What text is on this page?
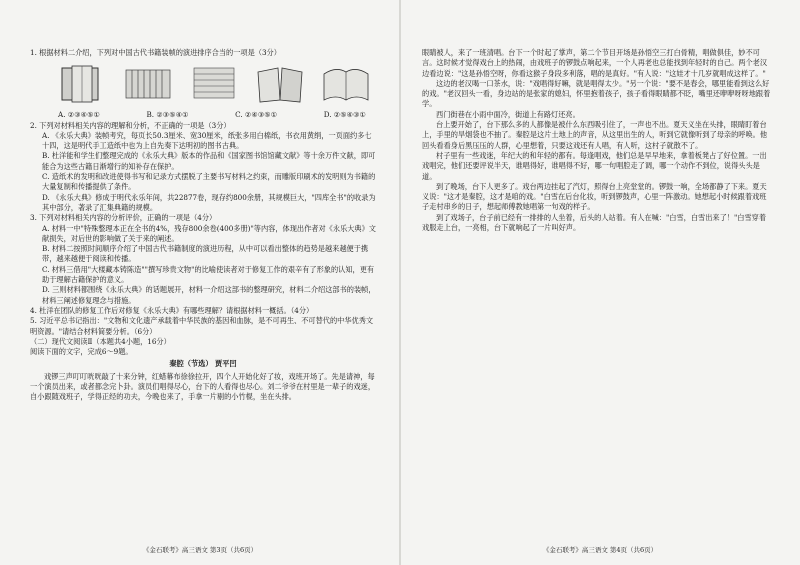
1. 根据材料二介绍，下列对中国古代书籍装帧的演进排序合当的一项是（3分）

A. ②③④⑤①	B. ②③⑤④①	C. ②④③⑤①	D. ②⑤④③①

2. 下列对材料相关内容的理解和分析，不正确的一项是（3分）

A. 《永乐大典》装帧考究，每页长50.3厘米、宽30厘米，纸张多用白棉纸，书衣用黄绢，一页面约多七十四，这是明代手工造纸中也为上自先奏下达明初的图书古典。

B. 杜洋能和学生们整理完成的《永乐大典》版本的作品和《国家图书馆馆藏文献》等十余万件文献，即可能合为这些古籍日渐增行的知补存在保护。

C. 造纸术的发明和改进使得书写和记录方式摆脱了主要书写材料之约束，而雕版印刷术的发明则为书籍的大量复制和传播提供了条件。

D. 《永乐大典》修成于明代永乐年间，共22877卷，现存约800余册，其规模巨大，"四库全书"的收录为其中部分，著录了汇集典籍的规模。

3. 下列对材料相关内容的分析评价，正确的一项是（4分）

A. 材料一中"特殊整理本正在全书的4%，残存800余卷(400多册)"等内容，体现出作者对《永乐大典》文献损失，对后世的影响做了关于来的阐述。

B. 材料二按照时间顺序介绍了中国古代书籍制度的演进历程，从中可以看出整体的趋势是越来越便于携带，越来越便于阅读和传播。

C. 材料三借用"大楼藏本铸陈造""撰写珍贵文物"的比喻使读者对于修复工作的艰辛有了形象的认知，更有助于理解古籍保护的意义。

D. 三则材料都围绕《永乐大典》的话题展开，材料一介绍这部书的整理研究，材料二介绍这部书的装帧，材料三阐述修复理念与措施。

4. 杜洋在团队的修复工作后对修复《永乐大典》有哪些理解？请根据材料一概括。（4分）

5. 习近平总书记指出："文物和文化遗产承载着中华民族的基因和血脉，是不可再生、不可替代的中华优秀文明资源。"请结合材料简要分析。（6分）

（二）现代文阅读Ⅱ（本题共4小题，16分）

阅读下面的文字，完成6～9题。

秦腔（节选） 贾平凹

戏锣三声叮叮咣咣敲了十来分钟，红蜡幕布徐徐拉开，四个人开始化好了妆，戏班开场了。先是请神，每一个演员出来，或者都念完卜卦。演员们唱得尽心，台下的人看得也尽心。刘二爷爷在村里是一辈子的戏迷，自小跟随戏班子，学得正经的功夫，今晚也来了，手拿一片剔的小竹棍，坐在头排。

《金石联考》高三语文 第3页（共6页）

眼睛被人，来了一班清唱。台下一个时起了掌声，第二个节目开场是孙悟空三打白骨精，唱做俱佳，妙不可言。这时候才觉得戏台上的热闹，由戏班子的锣鼓点响起来，一个人再老也总能找到年轻时的自己。两个老汉边看边说："这是孙悟空呀，你看这猴子身段多利落，唱的是真好。"有人说："这娃才十几岁就唱成这样了。"

这边的老汉喝一口茶水，说："戏唱得好嘛，就是唱得太少。"另一个说："要不是春会，哪里能看到这么好的戏。"老汉回头一看，身边站的是张家的媳妇，怀里抱着孩子，孩子看得眼睛都不眨，嘴里还咿咿呀呀地跟着学。

西门街巷在小雨中面冷，街道上有路灯还亮。

台上要开始了，台下那么多的人都像是被什么东西吸引住了，一声也不出。夏天义坐在头排，眼睛盯着台上，手里的旱烟袋也不抽了。秦腔是这片土地上的声音，从这里出生的人，听到它就像听到了母亲的呼唤。他回头看看身后黑压压的人群，心里想着，只要这戏还有人唱，有人听，这村子就散不了。

村子里有一些戏迷，年纪大的和年轻的都有。每逢唱戏，他们总是早早地来，拿着板凳占了好位置。一出戏唱完，他们还要评说半天，谁唱得好，谁唱得不好，哪一句唱腔走了调，哪一个动作不到位，说得头头是道。

到了晚场，台下人更多了。戏台两边挂起了汽灯，照得台上亮堂堂的。锣鼓一响，全场都静了下来。夏天义说："这才是秦腔，这才是咱的戏。"白雪在后台化妆，听到锣鼓声，心里一阵激动。她想起小时候跟着戏班子走村串乡的日子，想起师傅教她唱第一句戏的样子。

到了戏场子，台子前已经有一排排的人坐着，后头的人站着。有人在喊："白雪，白雪出来了！"白雪穿着戏服走上台，一亮相，台下就响起了一片叫好声。

《金石联考》高三语文 第4页（共6页）
